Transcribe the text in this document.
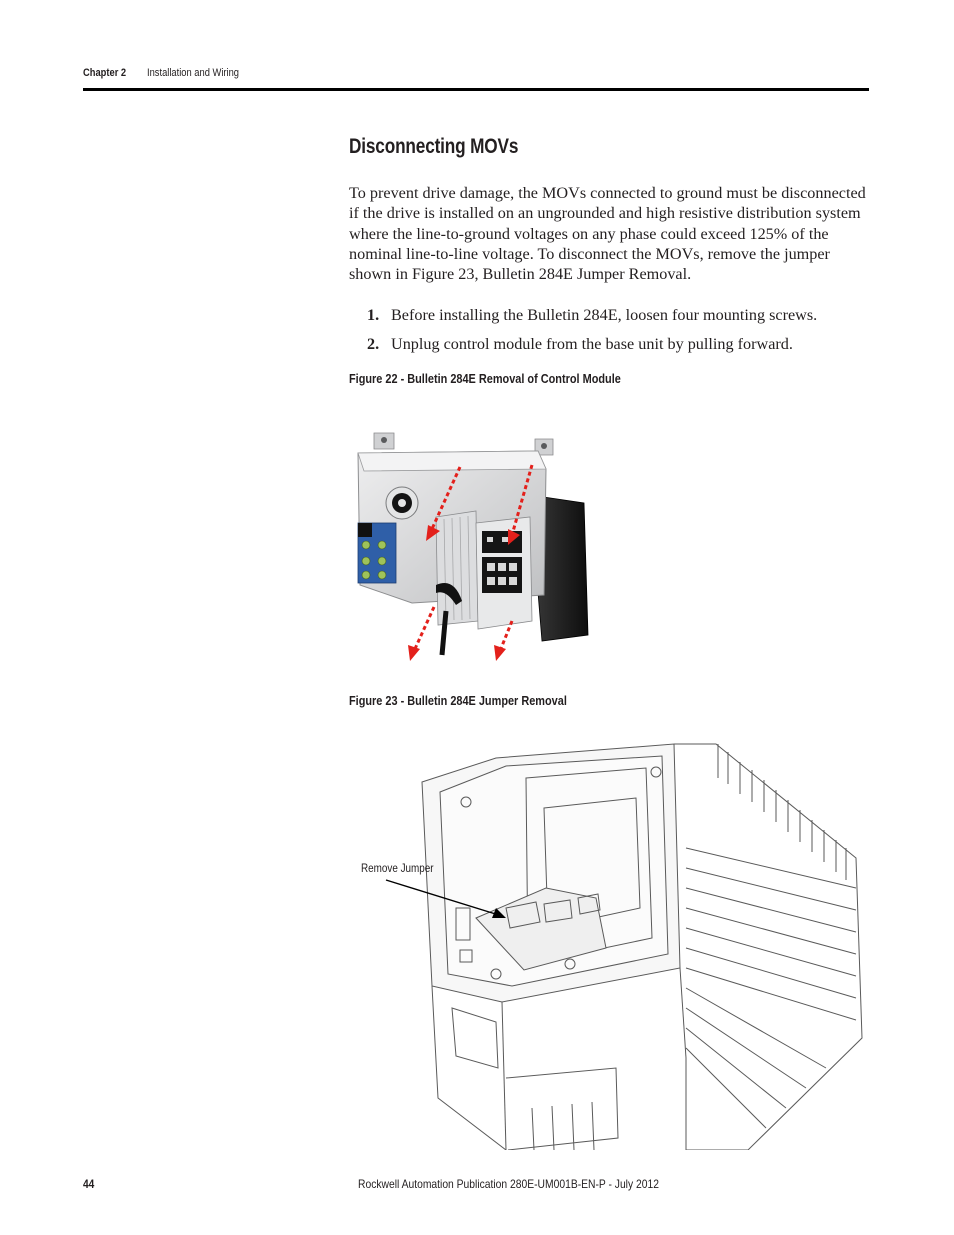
Chapter 2 Installation and Wiring
Disconnecting MOVs

To prevent drive damage, the MOVs connected to ground must be disconnected if the drive is installed on an ungrounded and high resistive distribution system where the line-to-ground voltages on any phase could exceed 125% of the nominal line-to-line voltage. To disconnect the MOVs, remove the jumper shown in Figure 23, Bulletin 284E Jumper Removal.

1. Before installing the Bulletin 284E, loosen four mounting screws.
2. Unplug control module from the base unit by pulling forward.
Figure 22 - Bulletin 284E Removal of Control Module
Figure 23 - Bulletin 284E Jumper Removal
Remove Jumper
44	Rockwell Automation Publication 280E-UM001B-EN-P - July 2012
